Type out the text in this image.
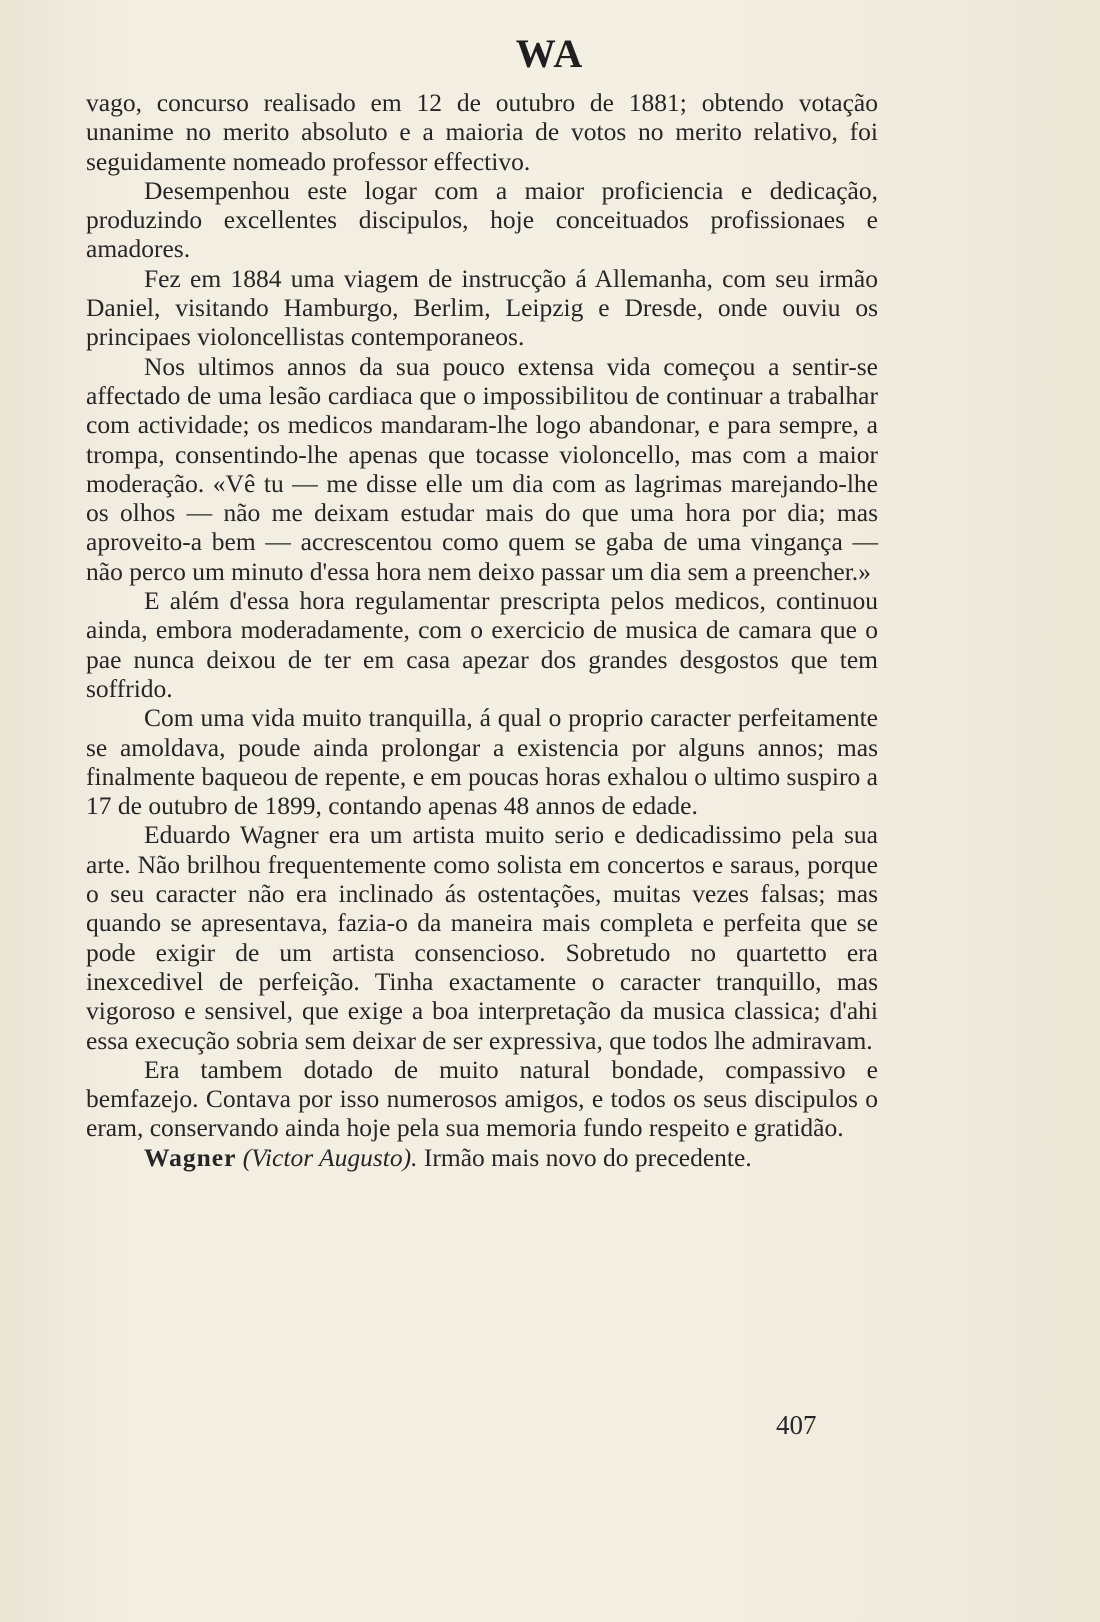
WA

vago, concurso realisado em 12 de outubro de 1881; obtendo votação unanime no merito absoluto e a maioria de votos no merito relativo, foi seguidamente nomeado professor effectivo.

Desempenhou este logar com a maior proficiencia e dedicação, produzindo excellentes discipulos, hoje conceituados profissionaes e amadores.

Fez em 1884 uma viagem de instrucção á Allemanha, com seu irmão Daniel, visitando Hamburgo, Berlim, Leipzig e Dresde, onde ouviu os principaes violoncellistas contemporaneos.

Nos ultimos annos da sua pouco extensa vida começou a sentir-se affectado de uma lesão cardiaca que o impossibilitou de continuar a trabalhar com actividade; os medicos mandaram-lhe logo abandonar, e para sempre, a trompa, consentindo-lhe apenas que tocasse violoncello, mas com a maior moderação. «Vê tu — me disse elle um dia com as lagrimas marejando-lhe os olhos — não me deixam estudar mais do que uma hora por dia; mas aproveito-a bem — accrescentou como quem se gaba de uma vingança — não perco um minuto d'essa hora nem deixo passar um dia sem a preencher.»

E além d'essa hora regulamentar prescripta pelos medicos, continuou ainda, embora moderadamente, com o exercicio de musica de camara que o pae nunca deixou de ter em casa apezar dos grandes desgostos que tem soffrido.

Com uma vida muito tranquilla, á qual o proprio caracter perfeitamente se amoldava, poude ainda prolongar a existencia por alguns annos; mas finalmente baqueou de repente, e em poucas horas exhalou o ultimo suspiro a 17 de outubro de 1899, contando apenas 48 annos de edade.

Eduardo Wagner era um artista muito serio e dedicadissimo pela sua arte. Não brilhou frequentemente como solista em concertos e saraus, porque o seu caracter não era inclinado ás ostentações, muitas vezes falsas; mas quando se apresentava, fazia-o da maneira mais completa e perfeita que se pode exigir de um artista consencioso. Sobretudo no quartetto era inexcedivel de perfeição. Tinha exactamente o caracter tranquillo, mas vigoroso e sensivel, que exige a boa interpretação da musica classica; d'ahi essa execução sobria sem deixar de ser expressiva, que todos lhe admiravam.

Era tambem dotado de muito natural bondade, compassivo e bemfazejo. Contava por isso numerosos amigos, e todos os seus discipulos o eram, conservando ainda hoje pela sua memoria fundo respeito e gratidão.

Wagner (Victor Augusto). Irmão mais novo do precedente.

407
